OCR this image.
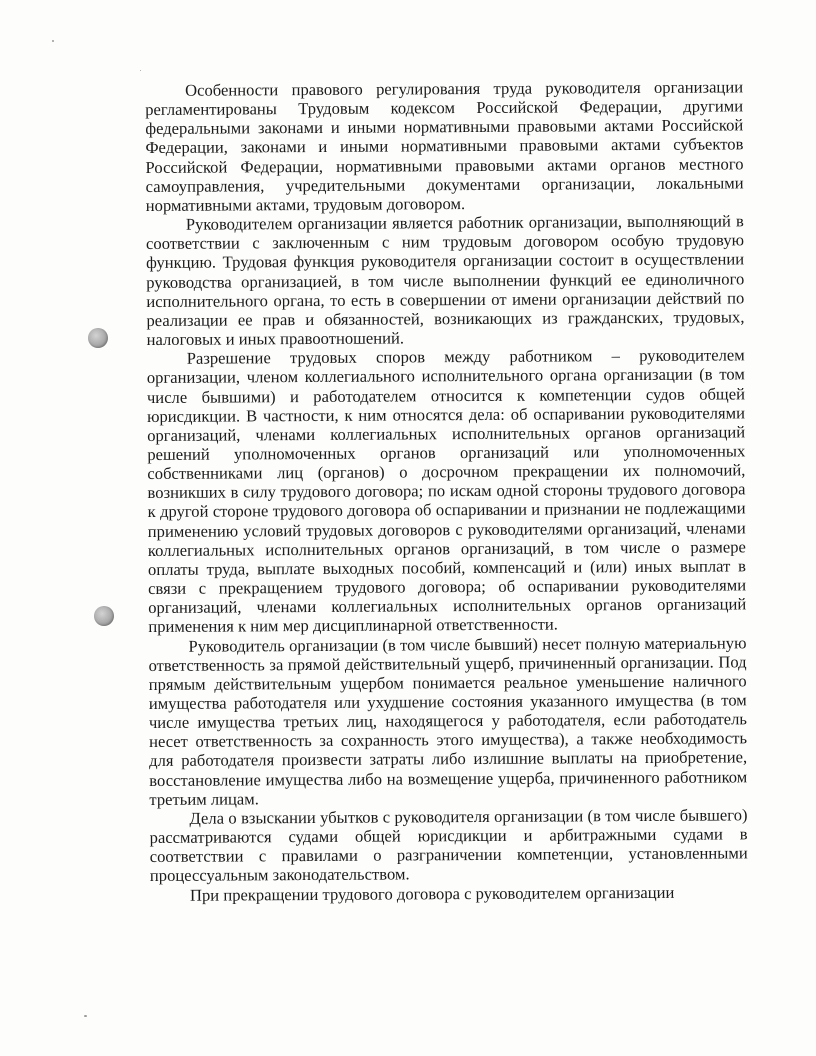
Особенности правового регулирования труда руководителя организации регламентированы Трудовым кодексом Российской Федерации, другими федеральными законами и иными нормативными правовыми актами Российской Федерации, законами и иными нормативными правовыми актами субъектов Российской Федерации, нормативными правовыми актами органов местного самоуправления, учредительными документами организации, локальными нормативными актами, трудовым договором.

Руководителем организации является работник организации, выполняющий в соответствии с заключенным с ним трудовым договором особую трудовую функцию. Трудовая функция руководителя организации состоит в осуществлении руководства организацией, в том числе выполнении функций ее единоличного исполнительного органа, то есть в совершении от имени организации действий по реализации ее прав и обязанностей, возникающих из гражданских, трудовых, налоговых и иных правоотношений.

Разрешение трудовых споров между работником – руководителем организации, членом коллегиального исполнительного органа организации (в том числе бывшими) и работодателем относится к компетенции судов общей юрисдикции. В частности, к ним относятся дела: об оспаривании руководителями организаций, членами коллегиальных исполнительных органов организаций решений уполномоченных органов организаций или уполномоченных собственниками лиц (органов) о досрочном прекращении их полномочий, возникших в силу трудового договора; по искам одной стороны трудового договора к другой стороне трудового договора об оспаривании и признании не подлежащими применению условий трудовых договоров с руководителями организаций, членами коллегиальных исполнительных органов организаций, в том числе о размере оплаты труда, выплате выходных пособий, компенсаций и (или) иных выплат в связи с прекращением трудового договора; об оспаривании руководителями организаций, членами коллегиальных исполнительных органов организаций применения к ним мер дисциплинарной ответственности.

Руководитель организации (в том числе бывший) несет полную материальную ответственность за прямой действительный ущерб, причиненный организации. Под прямым действительным ущербом понимается реальное уменьшение наличного имущества работодателя или ухудшение состояния указанного имущества (в том числе имущества третьих лиц, находящегося у работодателя, если работодатель несет ответственность за сохранность этого имущества), а также необходимость для работодателя произвести затраты либо излишние выплаты на приобретение, восстановление имущества либо на возмещение ущерба, причиненного работником третьим лицам.

Дела о взыскании убытков с руководителя организации (в том числе бывшего) рассматриваются судами общей юрисдикции и арбитражными судами в соответствии с правилами о разграничении компетенции, установленными процессуальным законодательством.

При прекращении трудового договора с руководителем организации
